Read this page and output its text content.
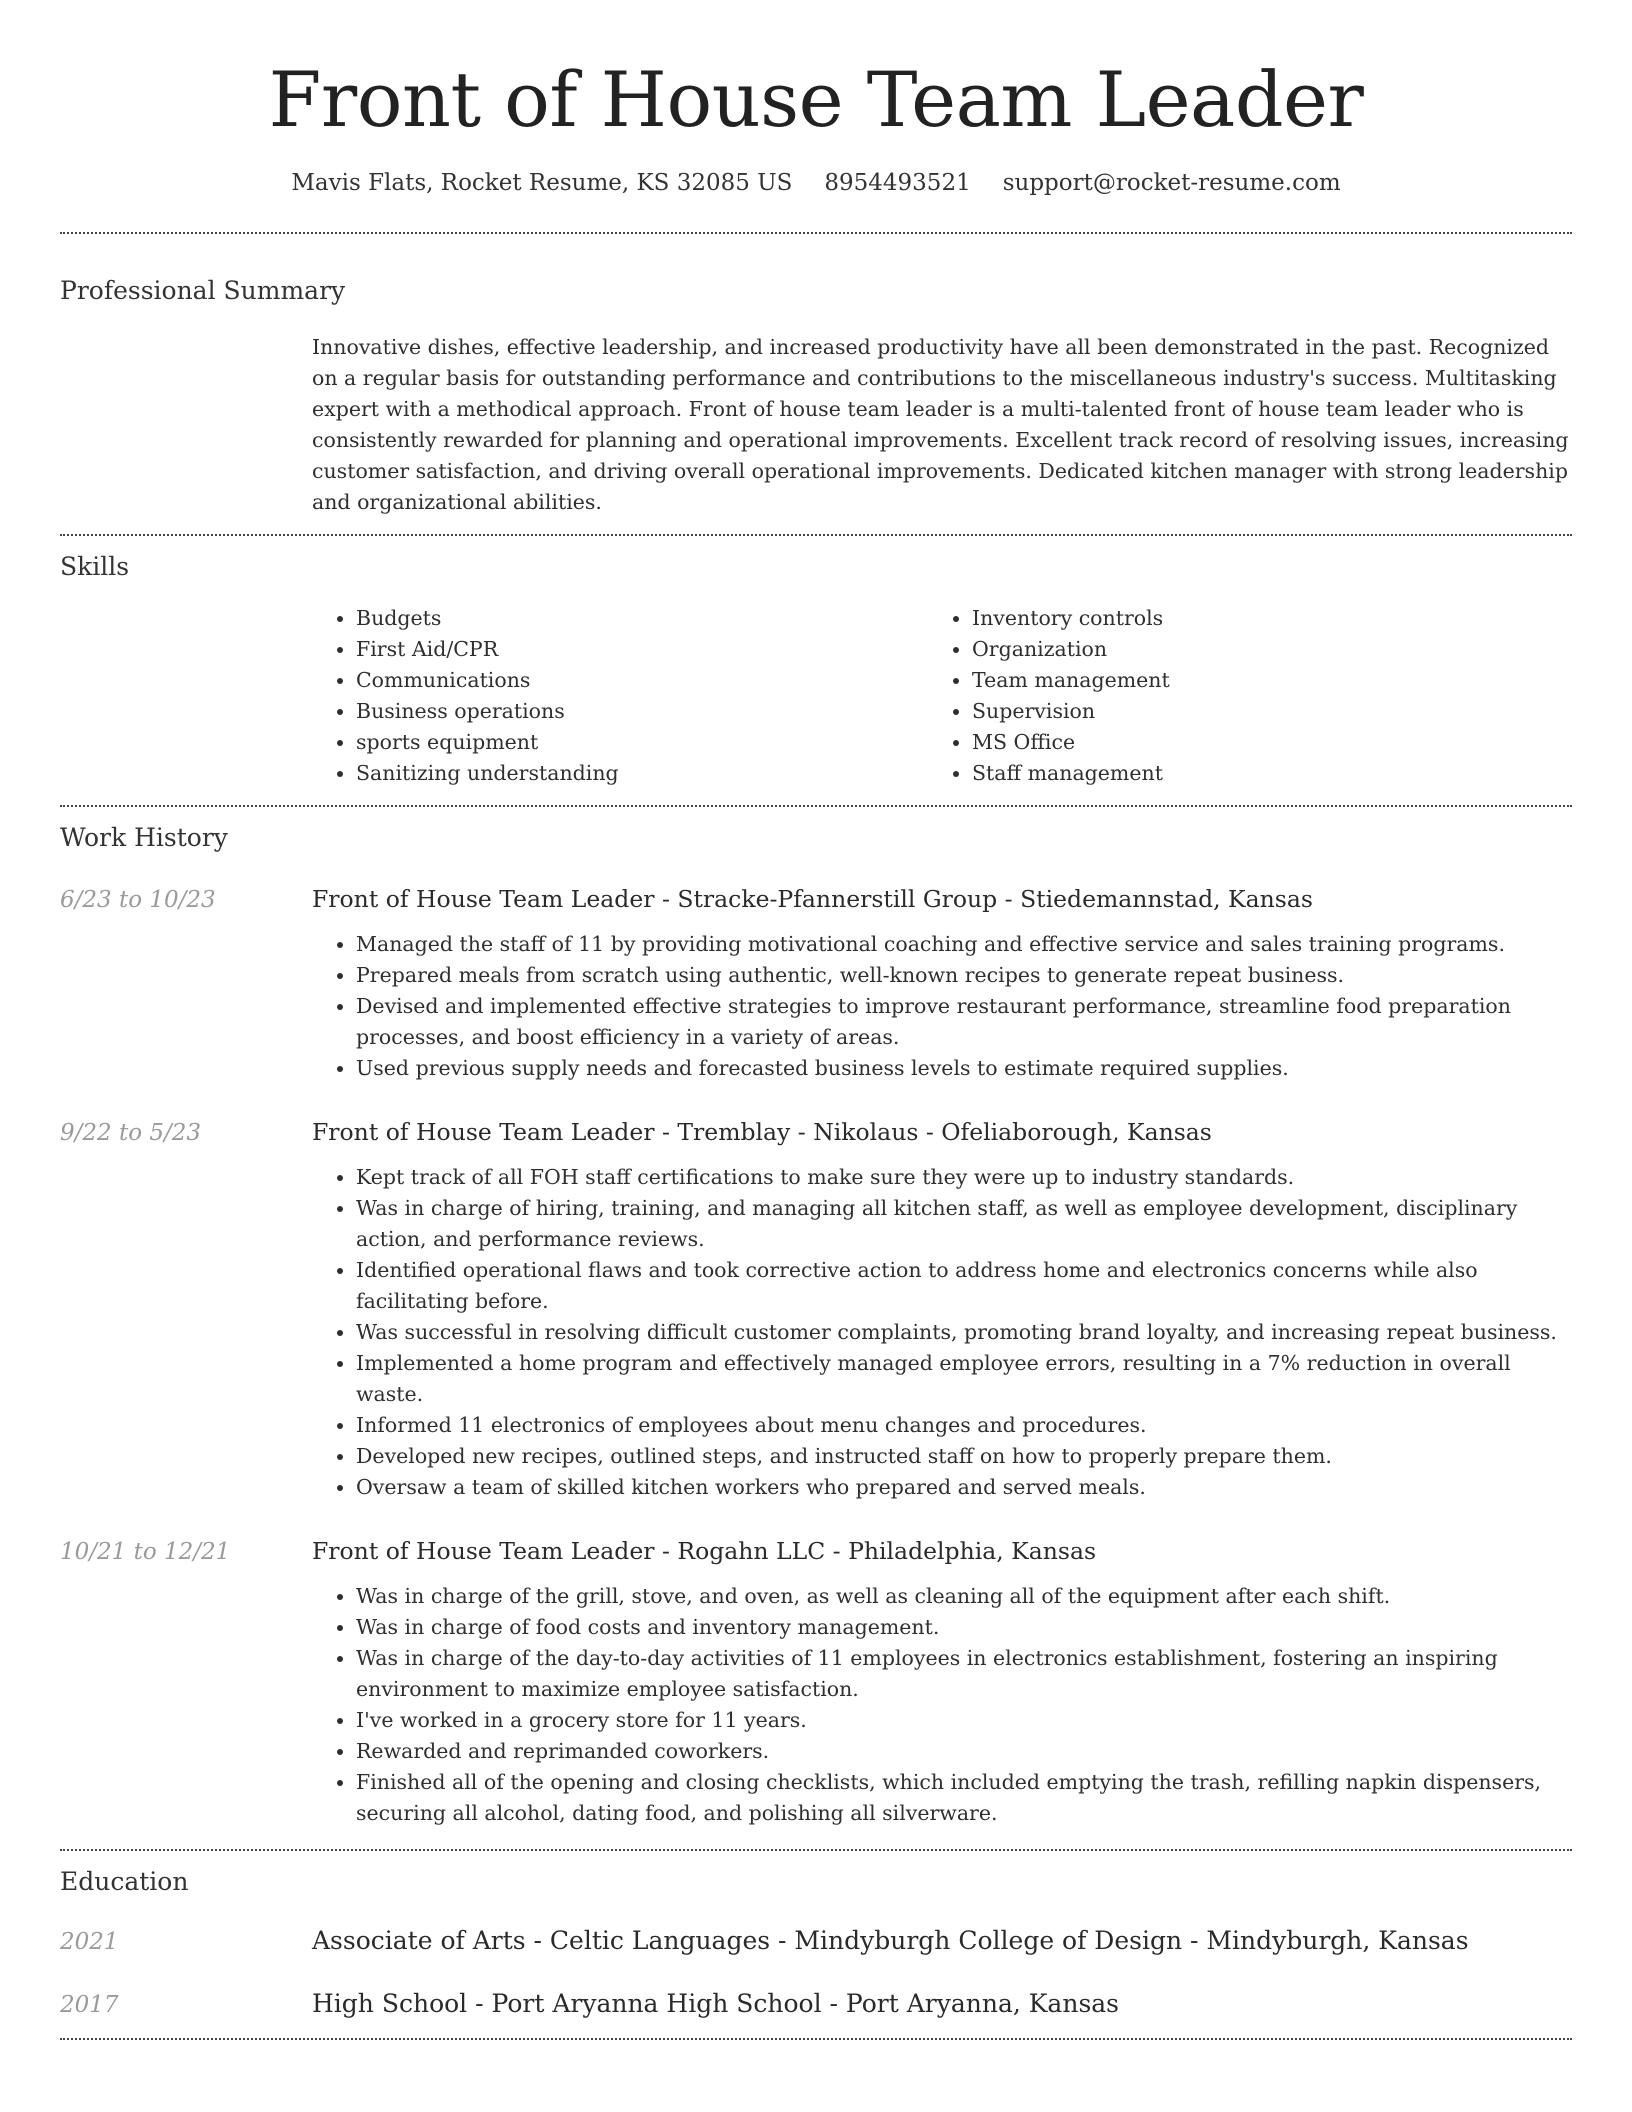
Front of House Team Leader
Mavis Flats, Rocket Resume, KS 32085 US 8954493521 support@rocket-resume.com
Professional Summary

Innovative dishes, effective leadership, and increased productivity have all been demonstrated in the past. Recognized on a regular basis for outstanding performance and contributions to the miscellaneous industry's success. Multitasking expert with a methodical approach. Front of house team leader is a multi-talented front of house team leader who is consistently rewarded for planning and operational improvements. Excellent track record of resolving issues, increasing customer satisfaction, and driving overall operational improvements. Dedicated kitchen manager with strong leadership and organizational abilities.

Skills
• Budgets
• First Aid/CPR
• Communications
• Business operations
• sports equipment
• Sanitizing understanding
• Inventory controls
• Organization
• Team management
• Supervision
• MS Office
• Staff management
Work History
6/23 to 10/23	Front of House Team Leader - Stracke-Pfannerstill Group - Stiedemannstad, Kansas
• Managed the staff of 11 by providing motivational coaching and effective service and sales training programs.
• Prepared meals from scratch using authentic, well-known recipes to generate repeat business.
• Devised and implemented effective strategies to improve restaurant performance, streamline food preparation processes, and boost efficiency in a variety of areas.
• Used previous supply needs and forecasted business levels to estimate required supplies.
9/22 to 5/23	Front of House Team Leader - Tremblay - Nikolaus - Ofeliaborough, Kansas
• Kept track of all FOH staff certifications to make sure they were up to industry standards.
• Was in charge of hiring, training, and managing all kitchen staff, as well as employee development, disciplinary action, and performance reviews.
• Identified operational flaws and took corrective action to address home and electronics concerns while also facilitating before.
• Was successful in resolving difficult customer complaints, promoting brand loyalty, and increasing repeat business.
• Implemented a home program and effectively managed employee errors, resulting in a 7% reduction in overall waste.
• Informed 11 electronics of employees about menu changes and procedures.
• Developed new recipes, outlined steps, and instructed staff on how to properly prepare them.
• Oversaw a team of skilled kitchen workers who prepared and served meals.
10/21 to 12/21	Front of House Team Leader - Rogahn LLC - Philadelphia, Kansas
• Was in charge of the grill, stove, and oven, as well as cleaning all of the equipment after each shift.
• Was in charge of food costs and inventory management.
• Was in charge of the day-to-day activities of 11 employees in electronics establishment, fostering an inspiring environment to maximize employee satisfaction.
• I've worked in a grocery store for 11 years.
• Rewarded and reprimanded coworkers.
• Finished all of the opening and closing checklists, which included emptying the trash, refilling napkin dispensers, securing all alcohol, dating food, and polishing all silverware.
Education
2021	Associate of Arts - Celtic Languages - Mindyburgh College of Design - Mindyburgh, Kansas
2017	High School - Port Aryanna High School - Port Aryanna, Kansas
